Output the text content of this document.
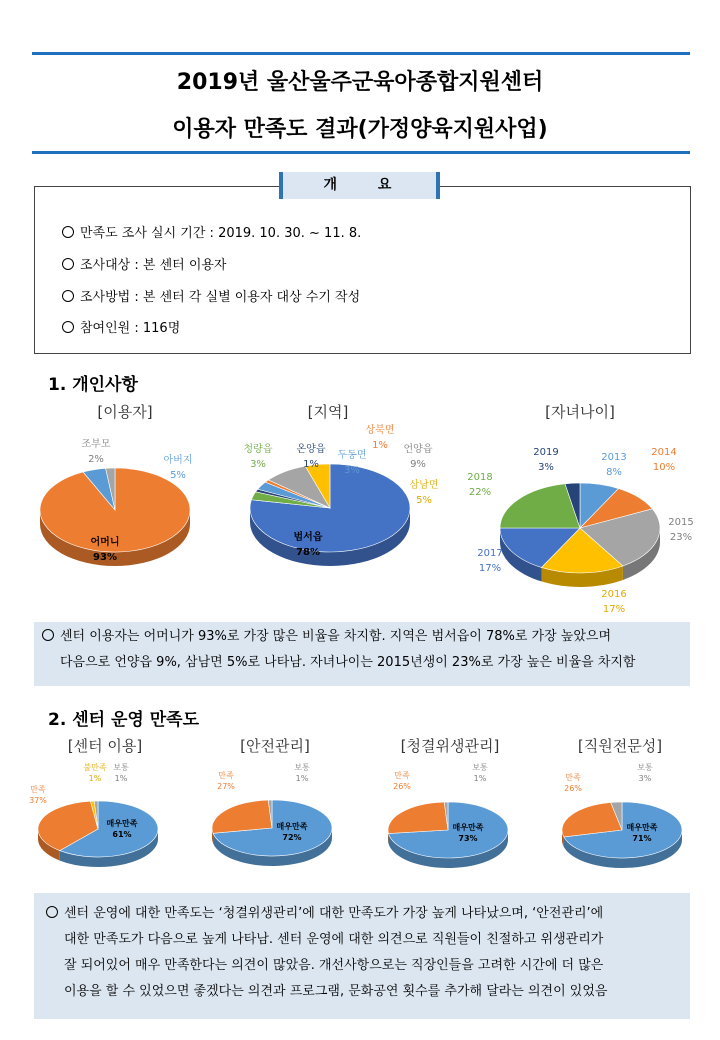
2019년 울산울주군육아종합지원센터
이용자 만족도 결과(가정양육지원사업)
개 요
만족도 조사 실시 기간 : 2019. 10. 30. ~ 11. 8.
조사대상 : 본 센터 이용자
조사방법 : 본 센터 각 실별 이용자 대상 수기 작성
참여인원 : 116명
1. 개인사항
[이용자]	[지역]	[자녀나이]
어머니
93%
아버지
5%
조부모
2%
범서읍
78%
청량읍
3%
온양읍
1%
두동면
3%
상북면
1% 언양읍
9%
삼남면
5%
2013
8%
2014
10%
2015
23%
2016
17%
2017
17%
2018
22%
2019
3%

센터 이용자는 어머니가 93%로 가장 많은 비율을 차지함. 지역은 범서읍이 78%로 가장 높았으며

다음으로 언양읍 9%, 삼남면 5%로 나타남. 자녀나이는 2015년생이 23%로 가장 높은 비율을 차지함

2. 센터 운영 만족도
[센터 이용]	[안전관리]	[청결위생관리]	[직원전문성]
매우만족
61%
만족
37%
불만족
1%
보통
1%
매우만족
72%
만족
27%
보통
1%
매우만족
73%
만족
26%
보통
1%
매우만족
71%
만족
26%
보통
3%

센터 운영에 대한 만족도는 ‘청결위생관리’에 대한 만족도가 가장 높게 나타났으며, ‘안전관리’에

대한 만족도가 다음으로 높게 나타남. 센터 운영에 대한 의견으로 직원들이 친절하고 위생관리가

잘 되어있어 매우 만족한다는 의견이 많았음. 개선사항으로는 직장인들을 고려한 시간에 더 많은

이용을 할 수 있었으면 좋겠다는 의견과 프로그램, 문화공연 횟수를 추가해 달라는 의견이 있었음
